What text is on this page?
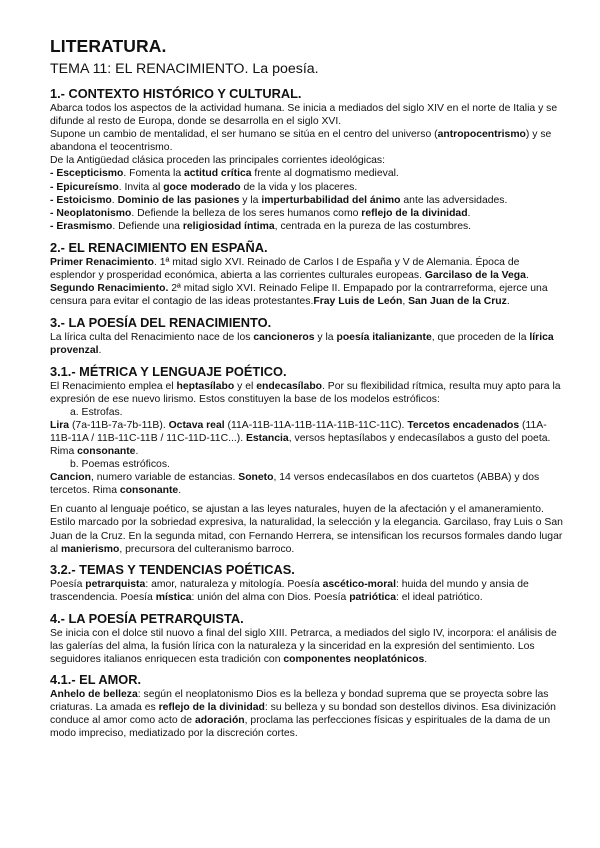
LITERATURA.
TEMA 11: EL RENACIMIENTO. La poesía.
1.- CONTEXTO HISTÓRICO Y CULTURAL.

Abarca todos los aspectos de la actividad humana. Se inicia a mediados del siglo XIV en el norte de Italia y se difunde al resto de Europa, donde se desarrolla en el siglo XVI.

Supone un cambio de mentalidad, el ser humano se sitúa en el centro del universo (antropocentrismo) y se abandona el teocentrismo.

De la Antigüedad clásica proceden las principales corrientes ideológicas:

- Escepticismo. Fomenta la actitud crítica frente al dogmatismo medieval.

- Epicureísmo. Invita al goce moderado de la vida y los placeres.

- Estoicismo. Dominio de las pasiones y la imperturbabilidad del ánimo ante las adversidades.

- Neoplatonismo. Defiende la belleza de los seres humanos como reflejo de la divinidad.

- Erasmismo. Defiende una religiosidad íntima, centrada en la pureza de las costumbres.

2.- EL RENACIMIENTO EN ESPAÑA.

Primer Renacimiento. 1ª mitad siglo XVI. Reinado de Carlos I de España y V de Alemania. Época de esplendor y prosperidad económica, abierta a las corrientes culturales europeas. Garcilaso de la Vega.

Segundo Renacimiento. 2ª mitad siglo XVI. Reinado Felipe II. Empapado por la contrarreforma, ejerce una censura para evitar el contagio de las ideas protestantes.Fray Luis de León, San Juan de la Cruz.

3.- LA POESÍA DEL RENACIMIENTO.

La lírica culta del Renacimiento nace de los cancioneros y la poesía italianizante, que proceden de la lírica provenzal.

3.1.- MÉTRICA Y LENGUAJE POÉTICO.

El Renacimiento emplea el heptasílabo y el endecasílabo. Por su flexibilidad rítmica, resulta muy apto para la expresión de ese nuevo lirismo. Estos constituyen la base de los modelos estróficos:

a. Estrofas.

Lira (7a-11B-7a-7b-11B). Octava real (11A-11B-11A-11B-11A-11B-11C-11C). Tercetos encadenados (11A-11B-11A / 11B-11C-11B / 11C-11D-11C...). Estancia, versos heptasílabos y endecasílabos a gusto del poeta. Rima consonante.

b. Poemas estróficos.

Cancion, numero variable de estancias. Soneto, 14 versos endecasílabos en dos cuartetos (ABBA) y dos tercetos. Rima consonante.

En cuanto al lenguaje poético, se ajustan a las leyes naturales, huyen de la afectación y el amaneramiento. Estilo marcado por la sobriedad expresiva, la naturalidad, la selección y la elegancia. Garcilaso, fray Luis o San Juan de la Cruz. En la segunda mitad, con Fernando Herrera, se intensifican los recursos formales dando lugar al manierismo, precursora del culteranismo barroco.

3.2.- TEMAS Y TENDENCIAS POÉTICAS.

Poesía petrarquista: amor, naturaleza y mitología. Poesía ascético-moral: huida del mundo y ansia de trascendencia. Poesía mística: unión del alma con Dios. Poesía patriótica: el ideal patriótico.

4.- LA POESÍA PETRARQUISTA.

Se inicia con el dolce stil nuovo a final del siglo XIII. Petrarca, a mediados del siglo IV, incorpora: el análisis de las galerías del alma, la fusión lírica con la naturaleza y la sinceridad en la expresión del sentimiento. Los seguidores italianos enriquecen esta tradición con componentes neoplatónicos.

4.1.- EL AMOR.

Anhelo de belleza: según el neoplatonismo Dios es la belleza y bondad suprema que se proyecta sobre las criaturas. La amada es reflejo de la divinidad: su belleza y su bondad son destellos divinos. Esa divinización conduce al amor como acto de adoración, proclama las perfecciones físicas y espirituales de la dama de un modo impreciso, mediatizado por la discreción cortes.
